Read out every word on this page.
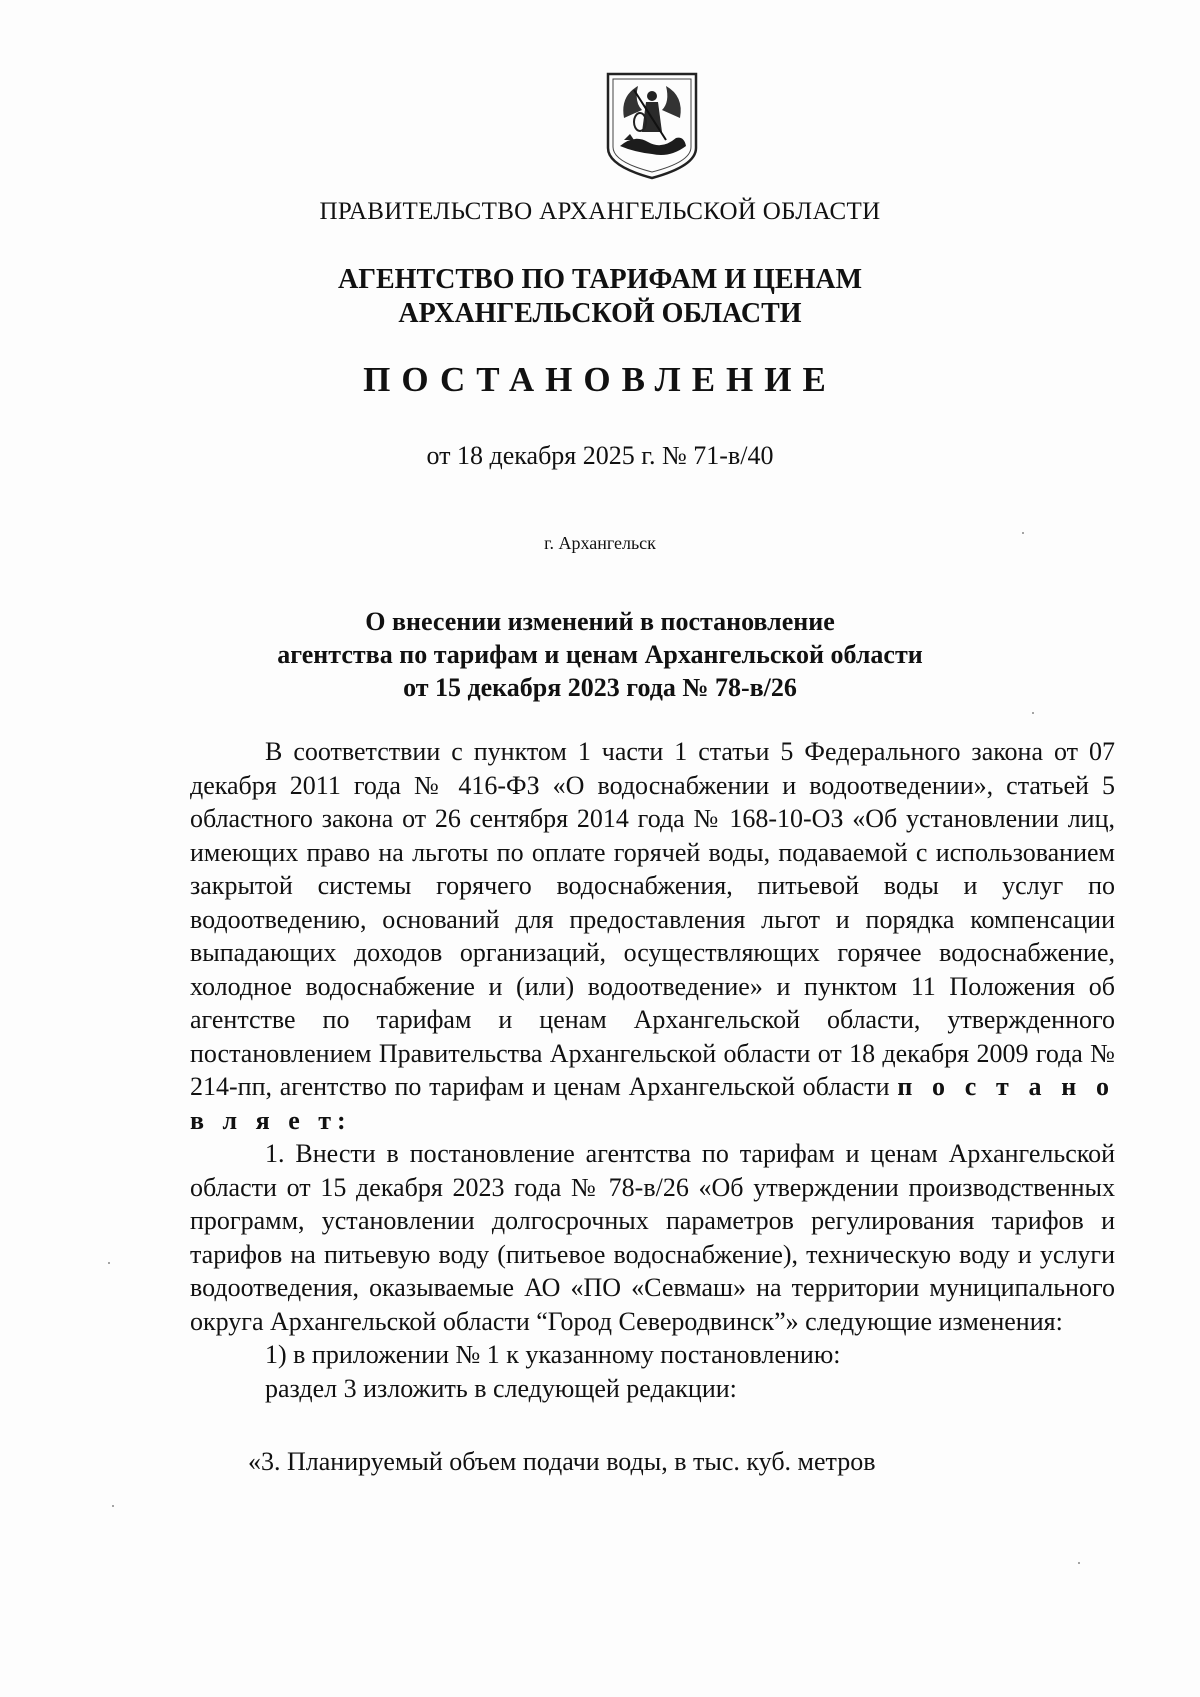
ПРАВИТЕЛЬСТВО АРХАНГЕЛЬСКОЙ ОБЛАСТИ
АГЕНТСТВО ПО ТАРИФАМ И ЦЕНАМ
АРХАНГЕЛЬСКОЙ ОБЛАСТИ
ПОСТАНОВЛЕНИЕ
от 18 декабря 2025 г. № 71-в/40
г. Архангельск
О внесении изменений в постановление
агентства по тарифам и ценам Архангельской области
от 15 декабря 2023 года № 78-в/26

В соответствии с пунктом 1 части 1 статьи 5 Федерального закона от 07 декабря 2011 года № 416-ФЗ «О водоснабжении и водоотведении», статьей 5 областного закона от 26 сентября 2014 года № 168-10-ОЗ «Об установлении лиц, имеющих право на льготы по оплате горячей воды, подаваемой с использованием закрытой системы горячего водоснабжения, питьевой воды и услуг по водоотведению, оснований для предоставления льгот и порядка компенсации выпадающих доходов организаций, осуществляющих горячее водоснабжение, холодное водоснабжение и (или) водоотведение» и пунктом 11 Положения об агентстве по тарифам и ценам Архангельской области, утвержденного постановлением Правительства Архангельской области от 18 декабря 2009 года № 214-пп, агентство по тарифам и ценам Архангельской области п о с т а н о в л я е т:

1. Внести в постановление агентства по тарифам и ценам Архангельской области от 15 декабря 2023 года № 78-в/26 «Об утверждении производственных программ, установлении долгосрочных параметров регулирования тарифов и тарифов на питьевую воду (питьевое водоснабжение), техническую воду и услуги водоотведения, оказываемые АО «ПО «Севмаш» на территории муниципального округа Архангельской области “Город Северодвинск”» следующие изменения:

1) в приложении № 1 к указанному постановлению:

раздел 3 изложить в следующей редакции:

«3. Планируемый объем подачи воды, в тыс. куб. метров
